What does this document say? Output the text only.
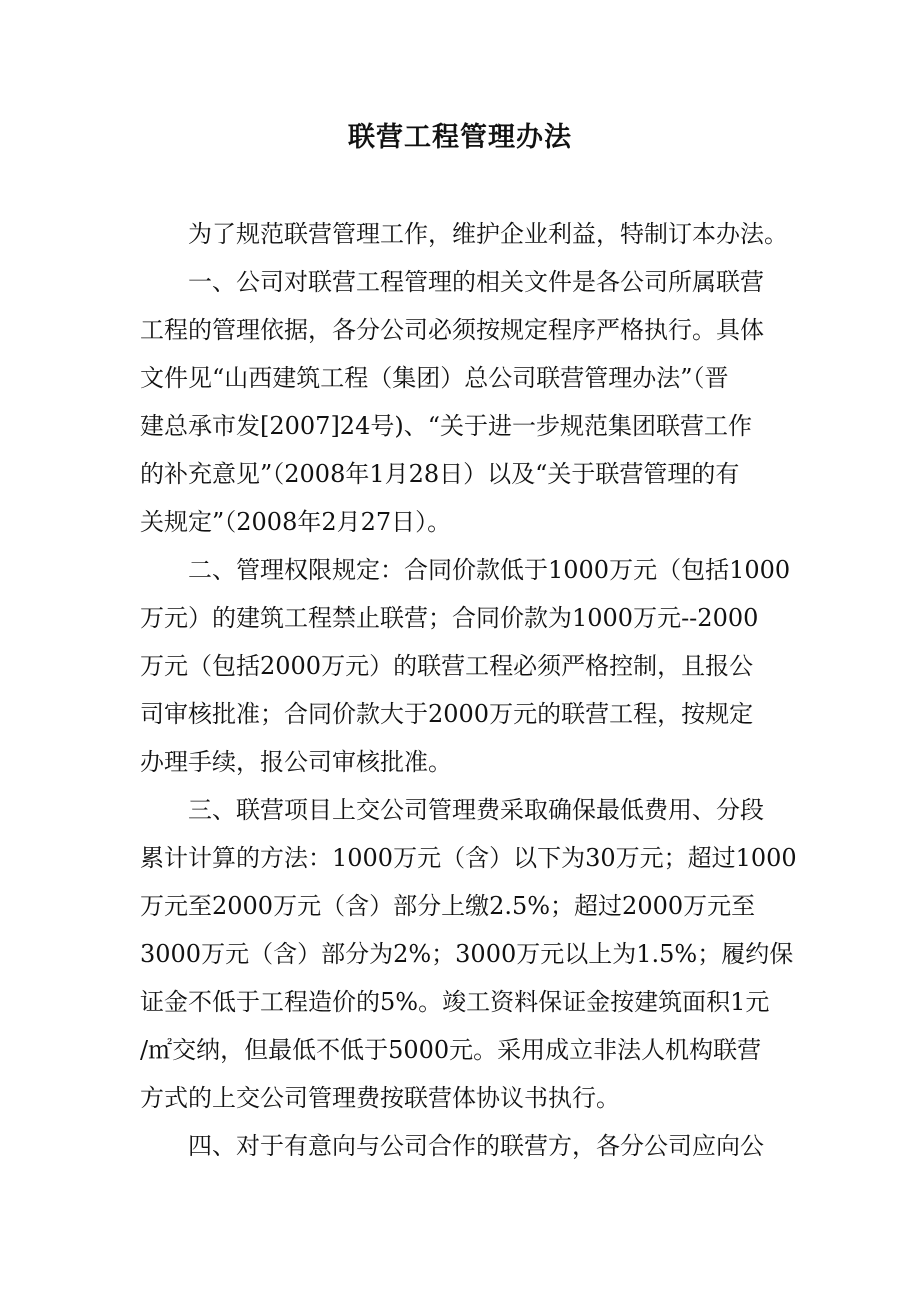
联营工程管理办法

为了规范联营管理工作，维护企业利益，特制订本办法。

一、公司对联营工程管理的相关文件是各公司所属联营

工程的管理依据，各分公司必须按规定程序严格执行。具体

文件见“山西建筑工程（集团）总公司联营管理办法”（晋

建总承市发[2007]24号)、“关于进一步规范集团联营工作

的补充意见”（2008年1月28日）以及“关于联营管理的有

关规定”（2008年2月27日）。

二、管理权限规定：合同价款低于1000万元（包括1000

万元）的建筑工程禁止联营；合同价款为1000万元--2000

万元（包括2000万元）的联营工程必须严格控制，且报公

司审核批准；合同价款大于2000万元的联营工程，按规定

办理手续，报公司审核批准。

三、联营项目上交公司管理费采取确保最低费用、分段

累计计算的方法：1000万元（含）以下为30万元；超过1000

万元至2000万元（含）部分上缴2.5%；超过2000万元至

3000万元（含）部分为2%；3000万元以上为1.5%；履约保

证金不低于工程造价的5%。竣工资料保证金按建筑面积1元

/㎡交纳，但最低不低于5000元。采用成立非法人机构联营

方式的上交公司管理费按联营体协议书执行。

四、对于有意向与公司合作的联营方，各分公司应向公
